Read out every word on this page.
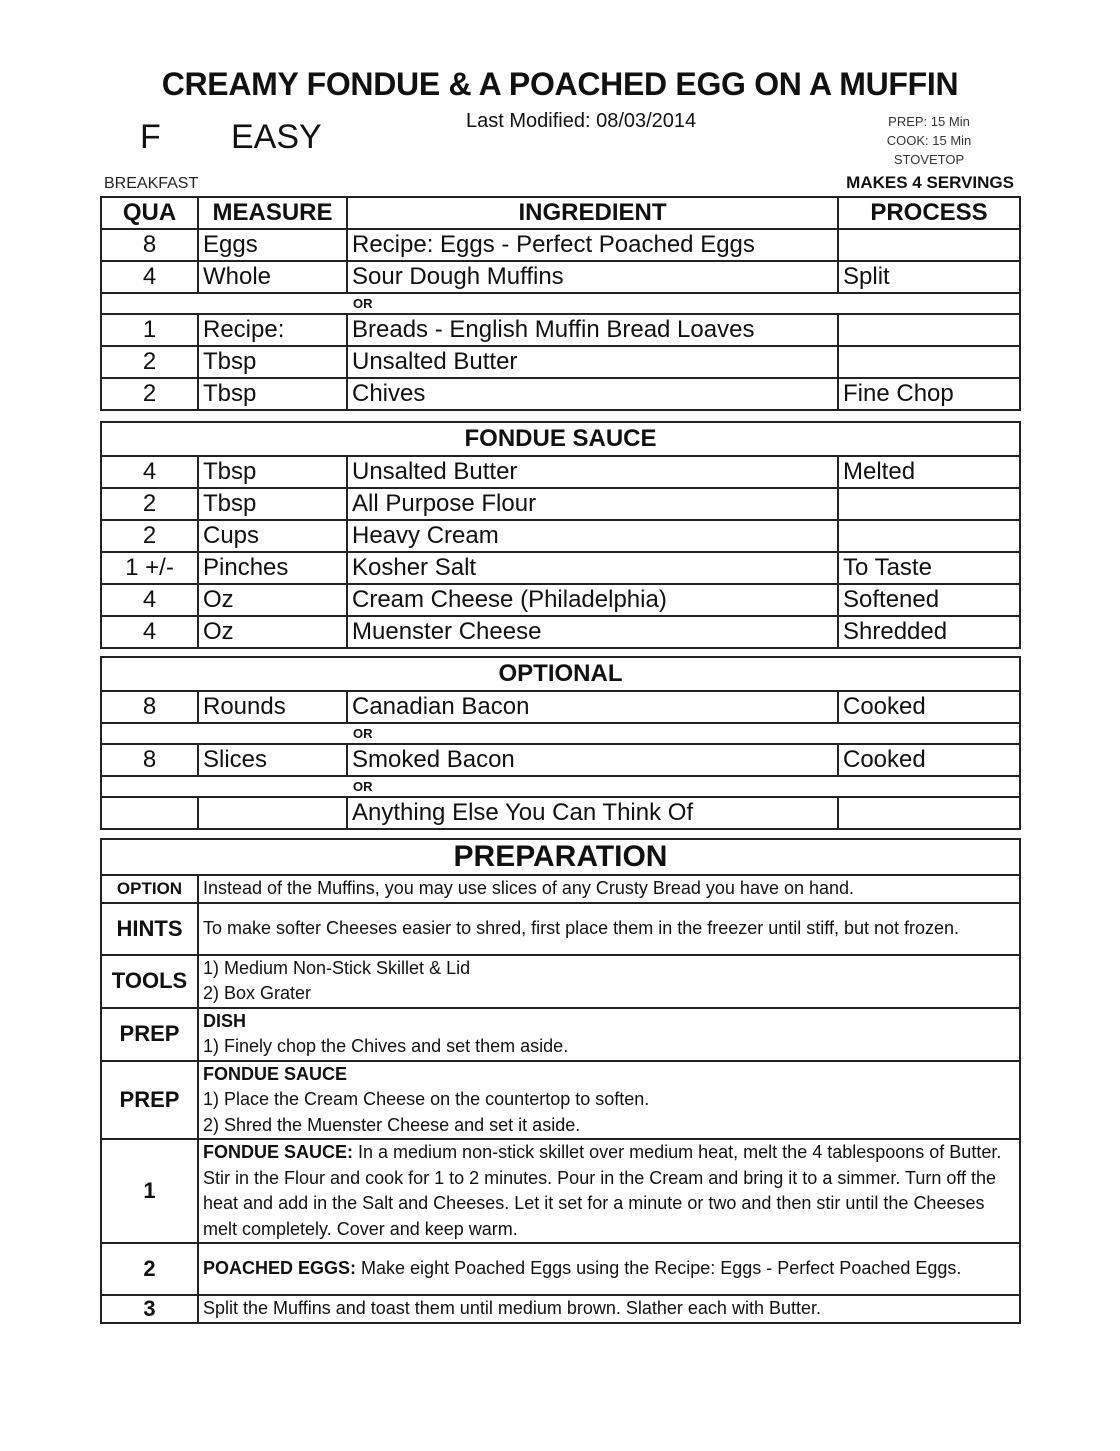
CREAMY FONDUE & A POACHED EGG ON A MUFFIN
F EASY	Last Modified: 08/03/2014	PREP: 15 Min
COOK: 15 Min
STOVETOP
BREAKFAST	MAKES 4 SERVINGS
QUA	MEASURE	INGREDIENT	PROCESS
8	Eggs	Recipe: Eggs - Perfect Poached Eggs	
4	Whole	Sour Dough Muffins	Split
OR			
1	Recipe:	Breads - English Muffin Bread Loaves	
2	Tbsp	Unsalted Butter	
2	Tbsp	Chives	Fine Chop
FONDUE SAUCE			
4	Tbsp	Unsalted Butter	Melted
2	Tbsp	All Purpose Flour	
2	Cups	Heavy Cream	
1 +/-	Pinches	Kosher Salt	To Taste
4	Oz	Cream Cheese (Philadelphia)	Softened
4	Oz	Muenster Cheese	Shredded
OPTIONAL			
8	Rounds	Canadian Bacon	Cooked
OR			
8	Slices	Smoked Bacon	Cooked
OR			
		Anything Else You Can Think Of	
PREPARATION	
OPTION	Instead of the Muffins, you may use slices of any Crusty Bread you have on hand.
HINTS	To make softer Cheeses easier to shred, first place them in the freezer until stiff, but not frozen.
TOOLS	1) Medium Non-Stick Skillet & Lid
2) Box Grater

PREP	DISH
1) Finely chop the Chives and set them aside.

PREP	FONDUE SAUCE
1) Place the Cream Cheese on the countertop to soften.
2) Shred the Muenster Cheese and set it aside.

1	FONDUE SAUCE: In a medium non-stick skillet over medium heat, melt the 4 tablespoons of Butter. Stir in the Flour and cook for 1 to 2 minutes. Pour in the Cream and bring it to a simmer. Turn off the heat and add in the Salt and Cheeses. Let it set for a minute or two and then stir until the Cheeses melt completely. Cover and keep warm.
2	POACHED EGGS: Make eight Poached Eggs using the Recipe: Eggs - Perfect Poached Eggs.
3	Split the Muffins and toast them until medium brown. Slather each with Butter.
